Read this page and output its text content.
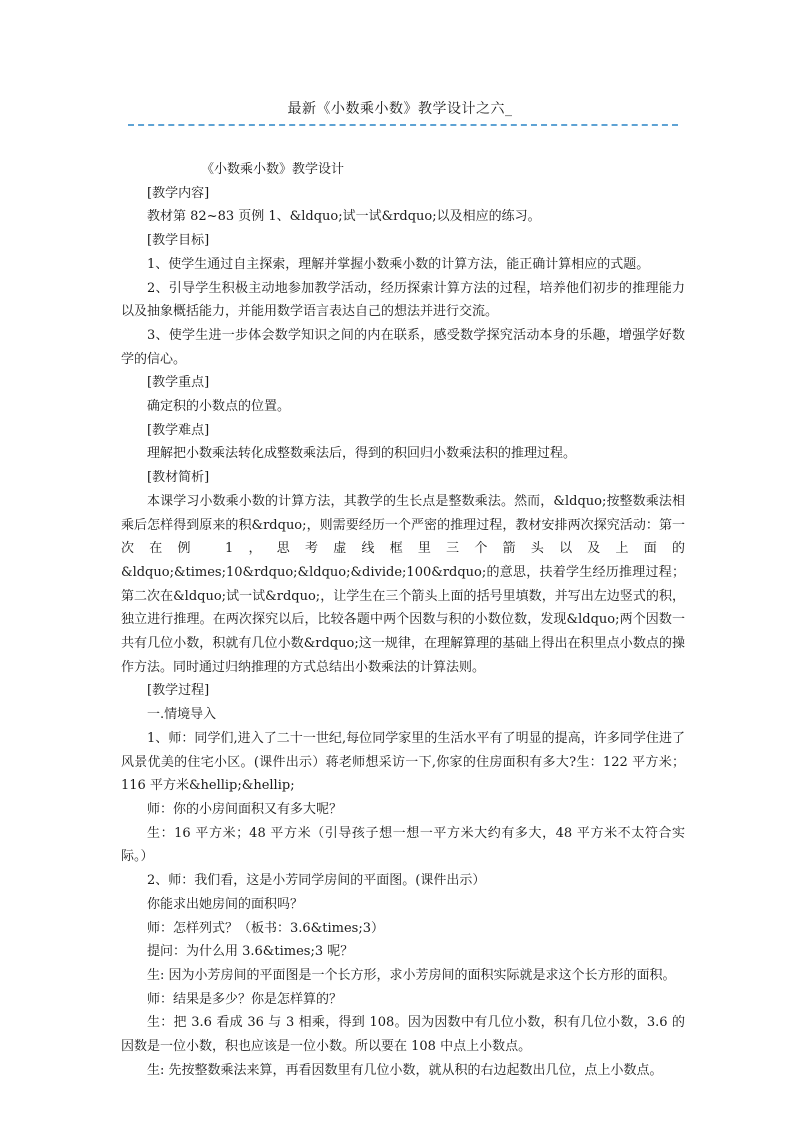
最新《小数乘小数》教学设计之六_

《小数乘小数》教学设计

[教学内容]

教材第 82~83 页例 1、&ldquo;试一试&rdquo;以及相应的练习。

[教学目标]

1、使学生通过自主探索，理解并掌握小数乘小数的计算方法，能正确计算相应的式题。

2、引导学生积极主动地参加教学活动，经历探索计算方法的过程，培养他们初步的推理能力以及抽象概括能力，并能用数学语言表达自己的想法并进行交流。

3、使学生进一步体会数学知识之间的内在联系，感受数学探究活动本身的乐趣，增强学好数学的信心。

[教学重点]

确定积的小数点的位置。

[教学难点]

理解把小数乘法转化成整数乘法后，得到的积回归小数乘法积的推理过程。

[教材简析]

本课学习小数乘小数的计算方法，其教学的生长点是整数乘法。然而，&ldquo;按整数乘法相乘后怎样得到原来的积&rdquo;，则需要经历一个严密的推理过程，教材安排两次探究活动：第一次在例 1，思考虚线框里三个箭头以及上面的 &ldquo;&times;10&rdquo;&ldquo;&divide;100&rdquo;的意思，扶着学生经历推理过程；第二次在&ldquo;试一试&rdquo;，让学生在三个箭头上面的括号里填数，并写出左边竖式的积，独立进行推理。在两次探究以后，比较各题中两个因数与积的小数位数，发现&ldquo;两个因数一共有几位小数，积就有几位小数&rdquo;这一规律，在理解算理的基础上得出在积里点小数点的操作方法。同时通过归纳推理的方式总结出小数乘法的计算法则。

[教学过程]

一.情境导入

1、师：同学们,进入了二十一世纪,每位同学家里的生活水平有了明显的提高，许多同学住进了风景优美的住宅小区。(课件出示）蒋老师想采访一下,你家的住房面积有多大?生：122 平方米；116 平方米&hellip;&hellip;

师：你的小房间面积又有多大呢？

生：16 平方米；48 平方米（引导孩子想一想一平方米大约有多大，48 平方米不太符合实际。）

2、师：我们看，这是小芳同学房间的平面图。(课件出示）

你能求出她房间的面积吗？

师：怎样列式？（板书：3.6&times;3）

提问：为什么用 3.6&times;3 呢？

生: 因为小芳房间的平面图是一个长方形，求小芳房间的面积实际就是求这个长方形的面积。

师：结果是多少？你是怎样算的？

生：把 3.6 看成 36 与 3 相乘，得到 108。因为因数中有几位小数，积有几位小数，3.6 的因数是一位小数，积也应该是一位小数。所以要在 108 中点上小数点。

生: 先按整数乘法来算，再看因数里有几位小数，就从积的右边起数出几位，点上小数点。
